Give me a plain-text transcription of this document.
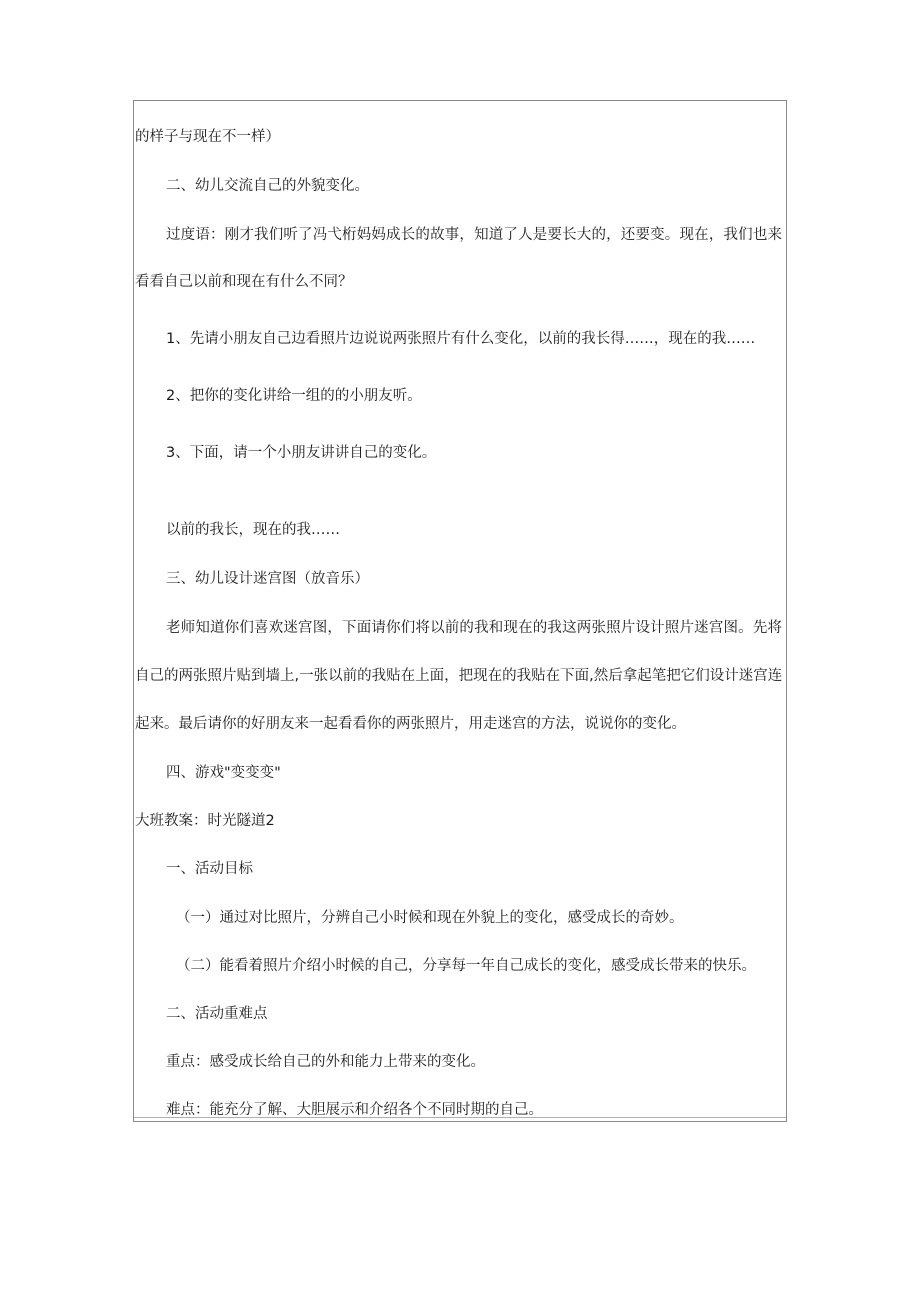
的样子与现在不一样）
二、幼儿交流自己的外貌变化。
过度语：刚才我们听了冯弋桁妈妈成长的故事，知道了人是要长大的，还要变。现在，我们也来
看看自己以前和现在有什么不同？
1、先请小朋友自己边看照片边说说两张照片有什么变化，以前的我长得……，现在的我……
2、把你的变化讲给一组的的小朋友听。
3、下面，请一个小朋友讲讲自己的变化。
以前的我长，现在的我……
三、幼儿设计迷宫图（放音乐）
老师知道你们喜欢迷宫图，下面请你们将以前的我和现在的我这两张照片设计照片迷宫图。先将
自己的两张照片贴到墙上,一张以前的我贴在上面，把现在的我贴在下面,然后拿起笔把它们设计迷宫连
起来。最后请你的好朋友来一起看看你的两张照片，用走迷宫的方法，说说你的变化。
四、游戏"变变变"
大班教案：时光隧道2
一、活动目标
（一）通过对比照片，分辨自己小时候和现在外貌上的变化，感受成长的奇妙。
（二）能看着照片介绍小时候的自己，分享每一年自己成长的变化，感受成长带来的快乐。
二、活动重难点
重点：感受成长给自己的外和能力上带来的变化。
难点：能充分了解、大胆展示和介绍各个不同时期的自己。
